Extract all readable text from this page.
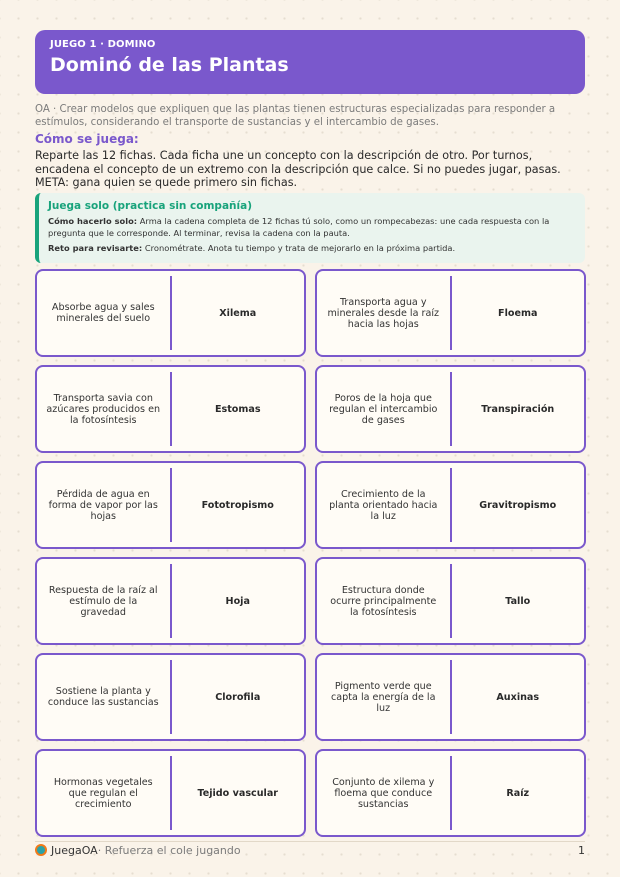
JUEGO 1 · DOMINO
Dominó de las Plantas
OA · Crear modelos que expliquen que las plantas tienen estructuras especializadas para responder a estímulos, considerando el transporte de sustancias y el intercambio de gases.
Cómo se juega:
Reparte las 12 fichas. Cada ficha une un concepto con la descripción de otro. Por turnos, encadena el concepto de un extremo con la descripción que calce. Si no puedes jugar, pasas. META: gana quien se quede primero sin fichas.
Juega solo (practica sin compañía)
Cómo hacerlo solo: Arma la cadena completa de 12 fichas tú solo, como un rompecabezas: une cada respuesta con la pregunta que le corresponde. Al terminar, revisa la cadena con la pauta.
Reto para revisarte: Cronométrate. Anota tu tiempo y trata de mejorarlo en la próxima partida.
Absorbe agua y sales minerales del suelo	Xilema
Transporta agua y minerales desde la raíz hacia las hojas
Floema
Transporta savia con azúcares producidos en la fotosíntesis
Estomas
Poros de la hoja que regulan el intercambio de gases
Transpiración
Pérdida de agua en forma de vapor por las hojas
Fototropismo
Crecimiento de la planta orientado hacia la luz
Gravitropismo
Respuesta de la raíz al estímulo de la gravedad
Hoja
Estructura donde ocurre principalmente la fotosíntesis
Tallo
Sostiene la planta y conduce las sustancias	Clorofila
Pigmento verde que capta la energía de la luz
Auxinas
Hormonas vegetales que regulan el crecimiento
Tejido vascular
Conjunto de xilema y floema que conduce sustancias
Raíz
JuegaOA · Refuerza el cole jugando	1
